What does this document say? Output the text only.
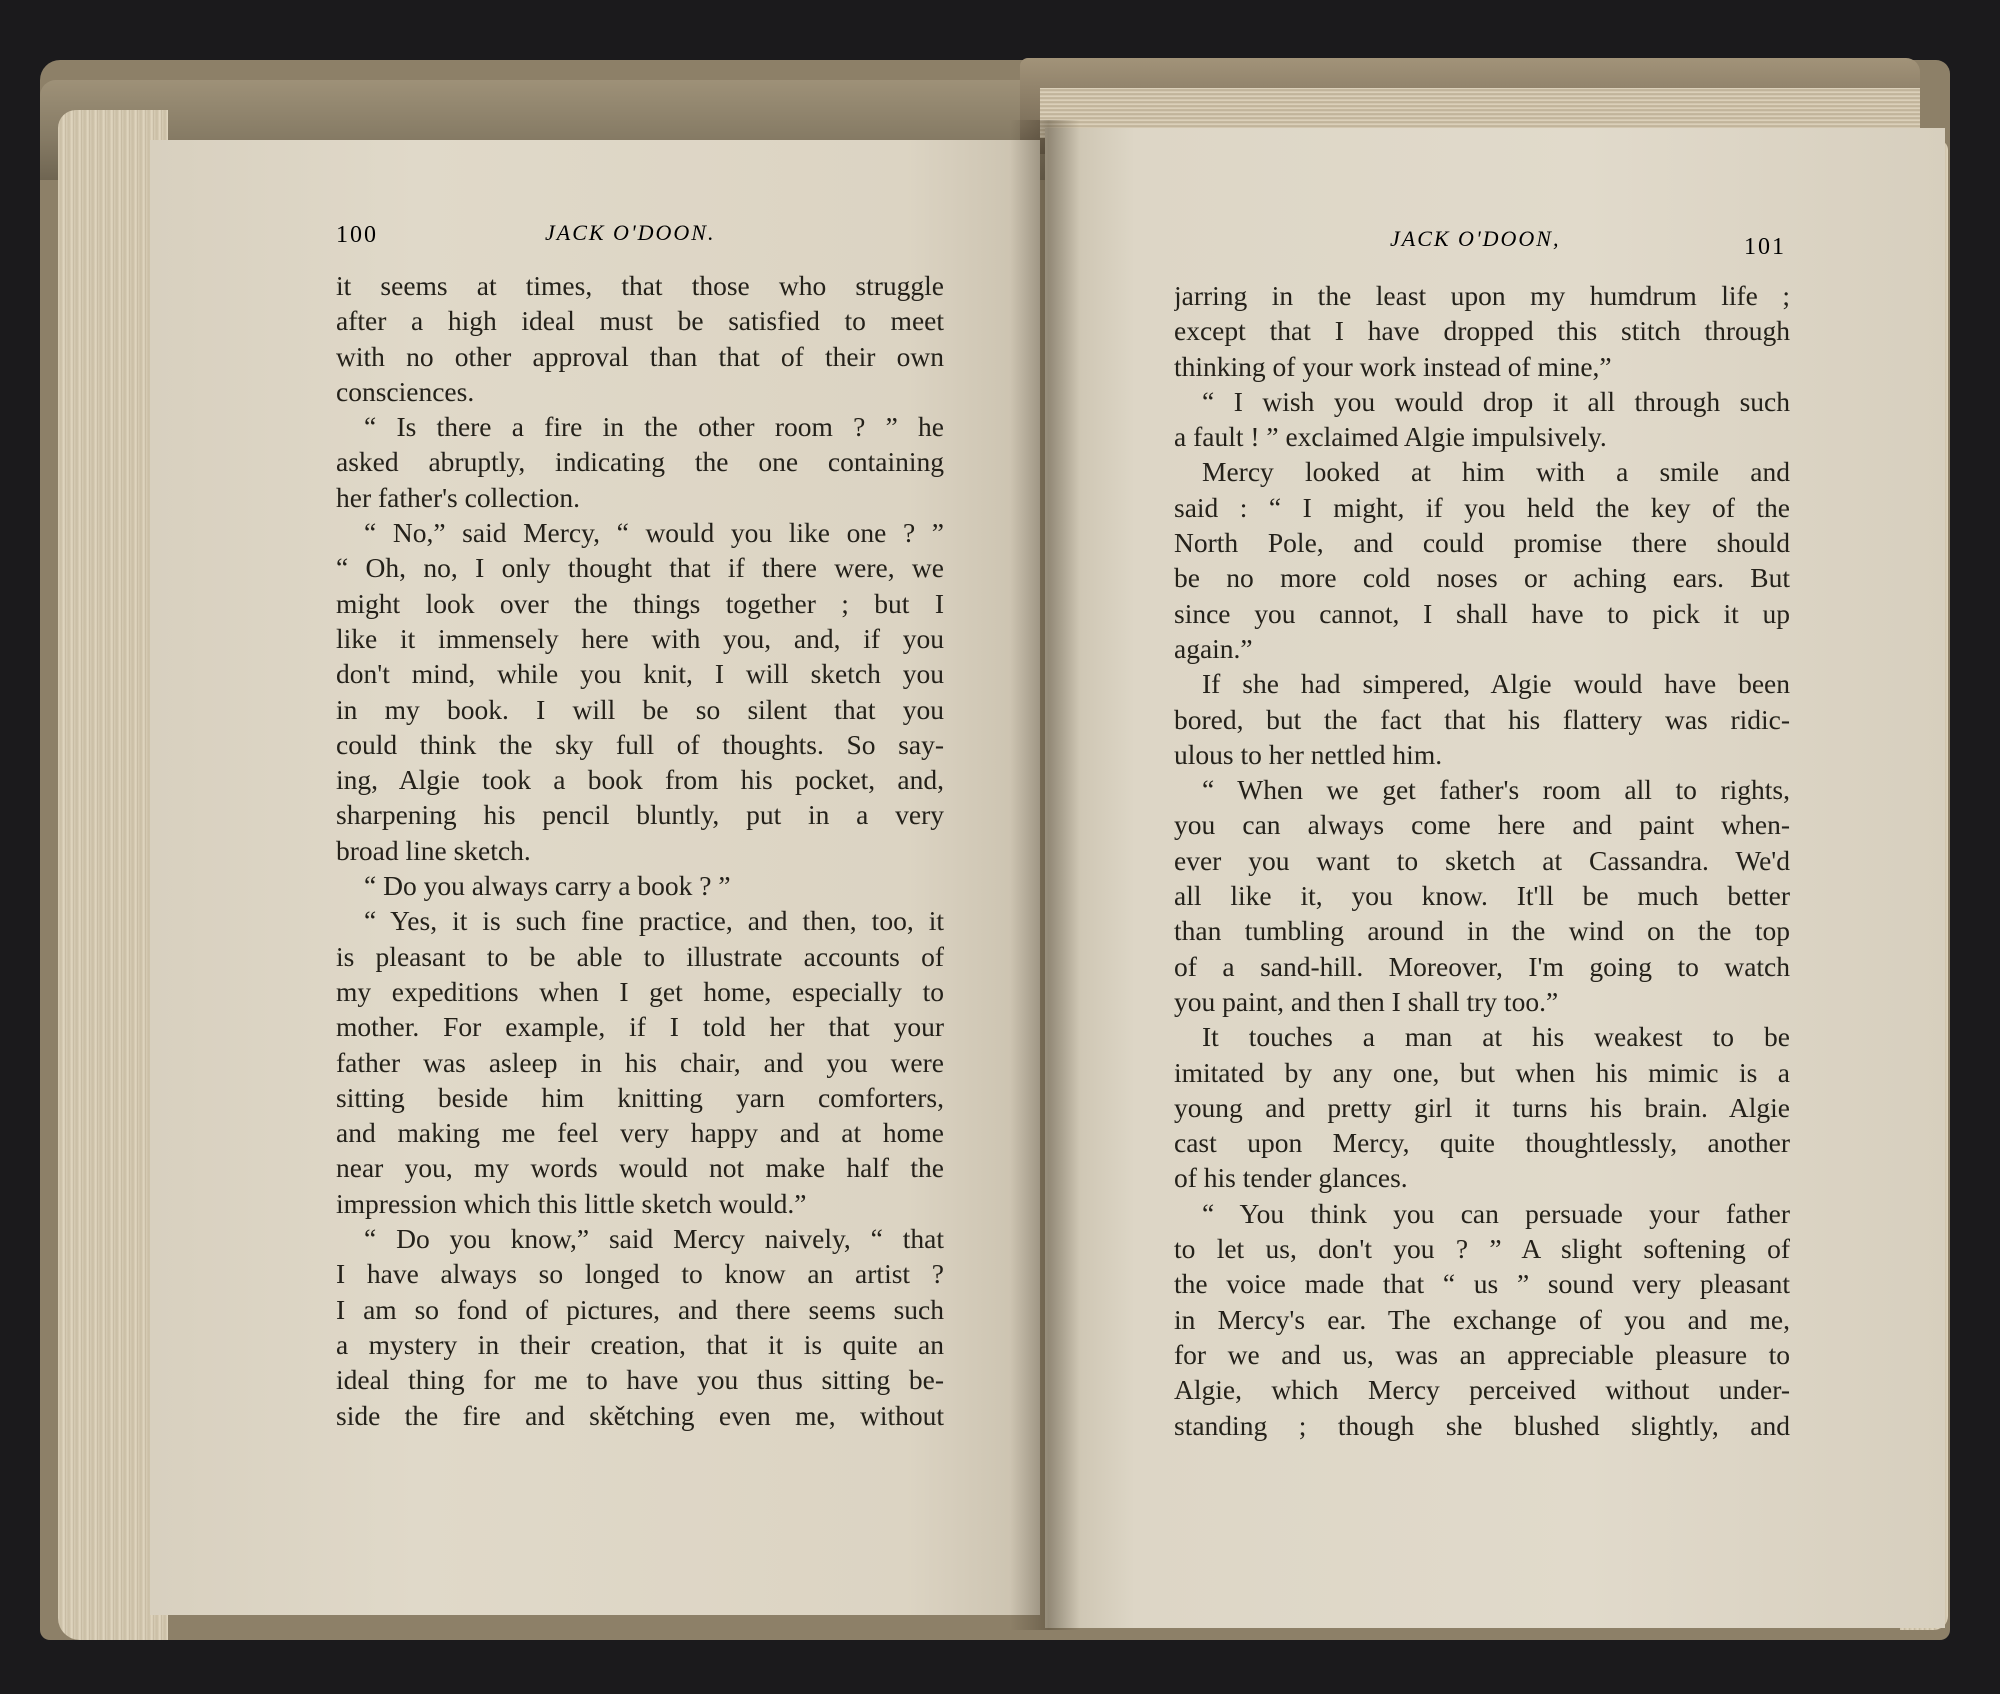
100	JACK O'DOON.	JACK O'DOON,	101
it seems at times, that those who struggle
after a high ideal must be satisfied to meet
with no other approval than that of their own
consciences.
“ Is there a fire in the other room ? ” he
asked abruptly, indicating the one containing
her father's collection.
“ No,” said Mercy, “ would you like one ? ”
“ Oh, no, I only thought that if there were, we
might look over the things together ; but I
like it immensely here with you, and, if you
don't mind, while you knit, I will sketch you
in my book. I will be so silent that you
could think the sky full of thoughts. So say-
ing, Algie took a book from his pocket, and,
sharpening his pencil bluntly, put in a very
broad line sketch.
“ Do you always carry a book ? ”
“ Yes, it is such fine practice, and then, too, it
is pleasant to be able to illustrate accounts of
my expeditions when I get home, especially to
mother. For example, if I told her that your
father was asleep in his chair, and you were
sitting beside him knitting yarn comforters,
and making me feel very happy and at home
near you, my words would not make half the
impression which this little sketch would.”
“ Do you know,” said Mercy naively, “ that
I have always so longed to know an artist ?
I am so fond of pictures, and there seems such
a mystery in their creation, that it is quite an
ideal thing for me to have you thus sitting be-
side the fire and skětching even me, without
jarring in the least upon my humdrum life ;
except that I have dropped this stitch through
thinking of your work instead of mine,”
“ I wish you would drop it all through such
a fault ! ” exclaimed Algie impulsively.
Mercy looked at him with a smile and
said : “ I might, if you held the key of the
North Pole, and could promise there should
be no more cold noses or aching ears. But
since you cannot, I shall have to pick it up
again.”
If she had simpered, Algie would have been
bored, but the fact that his flattery was ridic-
ulous to her nettled him.
“ When we get father's room all to rights,
you can always come here and paint when-
ever you want to sketch at Cassandra. We'd
all like it, you know. It'll be much better
than tumbling around in the wind on the top
of a sand-hill. Moreover, I'm going to watch
you paint, and then I shall try too.”
It touches a man at his weakest to be
imitated by any one, but when his mimic is a
young and pretty girl it turns his brain. Algie
cast upon Mercy, quite thoughtlessly, another
of his tender glances.
“ You think you can persuade your father
to let us, don't you ? ” A slight softening of
the voice made that “ us ” sound very pleasant
in Mercy's ear. The exchange of you and me,
for we and us, was an appreciable pleasure to
Algie, which Mercy perceived without under-
standing ; though she blushed slightly, and
